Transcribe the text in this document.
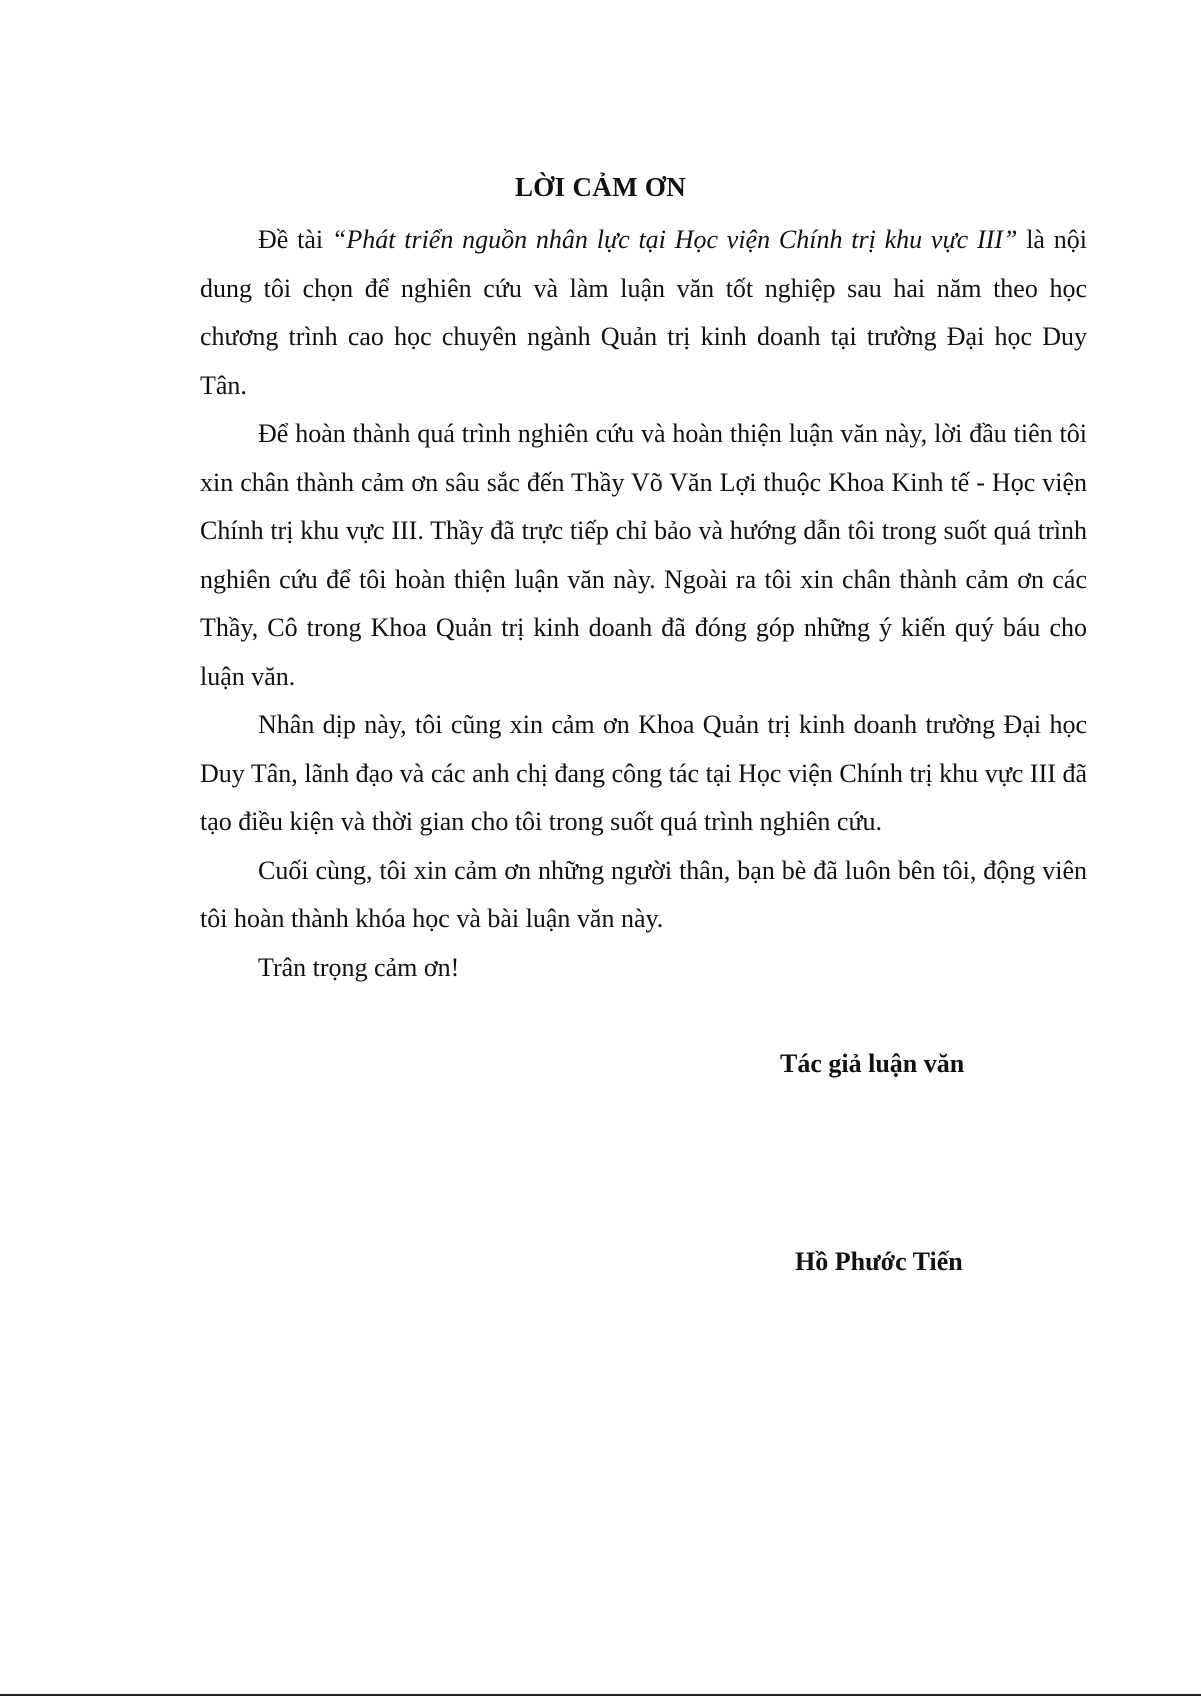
LỜI CẢM ƠN

Đề tài “Phát triển nguồn nhân lực tại Học viện Chính trị khu vực III” là nội dung tôi chọn để nghiên cứu và làm luận văn tốt nghiệp sau hai năm theo học chương trình cao học chuyên ngành Quản trị kinh doanh tại trường Đại học Duy Tân.

Để hoàn thành quá trình nghiên cứu và hoàn thiện luận văn này, lời đầu tiên tôi xin chân thành cảm ơn sâu sắc đến Thầy Võ Văn Lợi thuộc Khoa Kinh tế - Học viện Chính trị khu vực III. Thầy đã trực tiếp chỉ bảo và hướng dẫn tôi trong suốt quá trình nghiên cứu để tôi hoàn thiện luận văn này. Ngoài ra tôi xin chân thành cảm ơn các Thầy, Cô trong Khoa Quản trị kinh doanh đã đóng góp những ý kiến quý báu cho luận văn.

Nhân dịp này, tôi cũng xin cảm ơn Khoa Quản trị kinh doanh trường Đại học Duy Tân, lãnh đạo và các anh chị đang công tác tại Học viện Chính trị khu vực III đã tạo điều kiện và thời gian cho tôi trong suốt quá trình nghiên cứu.

Cuối cùng, tôi xin cảm ơn những người thân, bạn bè đã luôn bên tôi, động viên tôi hoàn thành khóa học và bài luận văn này.

Trân trọng cảm ơn!

Tác giả luận văn
Hồ Phước Tiến
